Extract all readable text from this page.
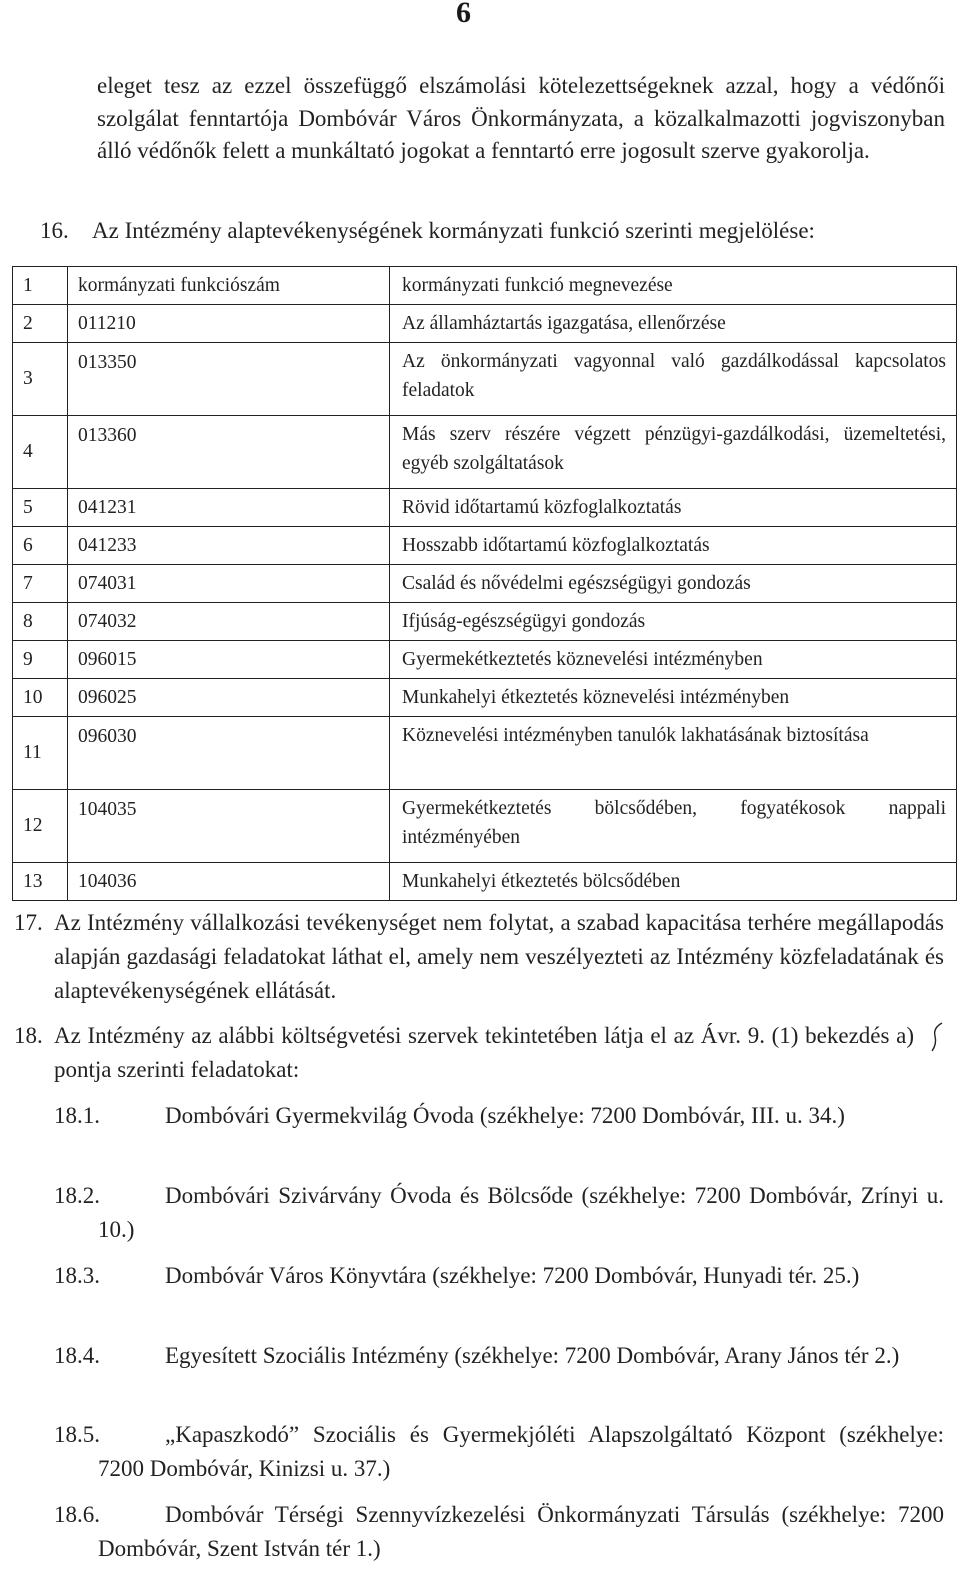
6
eleget tesz az ezzel összefüggő elszámolási kötelezettségeknek azzal, hogy a védőnői szolgálat fenntartója Dombóvár Város Önkormányzata, a közalkalmazotti jogviszonyban álló védőnők felett a munkáltató jogokat a fenntartó erre jogosult szerve gyakorolja.
16. Az Intézmény alaptevékenységének kormányzati funkció szerinti megjelölése:
1	kormányzati funkciószám	kormányzati funkció megnevezése
2	011210	Az államháztartás igazgatása, ellenőrzése
3	013350	Az önkormányzati vagyonnal való gazdálkodással kapcsolatos feladatok
4	013360	Más szerv részére végzett pénzügyi-gazdálkodási, üzemeltetési, egyéb szolgáltatások
5	041231	Rövid időtartamú közfoglalkoztatás
6	041233	Hosszabb időtartamú közfoglalkoztatás
7	074031	Család és nővédelmi egészségügyi gondozás
8	074032	Ifjúság-egészségügyi gondozás
9	096015	Gyermekétkeztetés köznevelési intézményben
10	096025	Munkahelyi étkeztetés köznevelési intézményben
11	096030	Köznevelési intézményben tanulók lakhatásának biztosítása
12	104035	Gyermekétkeztetés bölcsődében, fogyatékosok nappali intézményében
13	104036	Munkahelyi étkeztetés bölcsődében
17. Az Intézmény vállalkozási tevékenységet nem folytat, a szabad kapacitása terhére megállapodás alapján gazdasági feladatokat láthat el, amely nem veszélyezteti az Intézmény közfeladatának és alaptevékenységének ellátását.
18. Az Intézmény az alábbi költségvetési szervek tekintetében látja el az Ávr. 9. (1) bekezdés a) pontja szerinti feladatokat:
18.1.	Dombóvári Gyermekvilág Óvoda (székhelye: 7200 Dombóvár, III. u. 34.)
18.2.	Dombóvári Szivárvány Óvoda és Bölcsőde (székhelye: 7200 Dombóvár, Zrínyi u. 10.)
18.3.	Dombóvár Város Könyvtára (székhelye: 7200 Dombóvár, Hunyadi tér. 25.)
18.4.	Egyesített Szociális Intézmény (székhelye: 7200 Dombóvár, Arany János tér 2.)
18.5.	„Kapaszkodó” Szociális és Gyermekjóléti Alapszolgáltató Központ (székhelye: 7200 Dombóvár, Kinizsi u. 37.)
18.6.	Dombóvár Térségi Szennyvízkezelési Önkormányzati Társulás (székhelye: 7200 Dombóvár, Szent István tér 1.)
